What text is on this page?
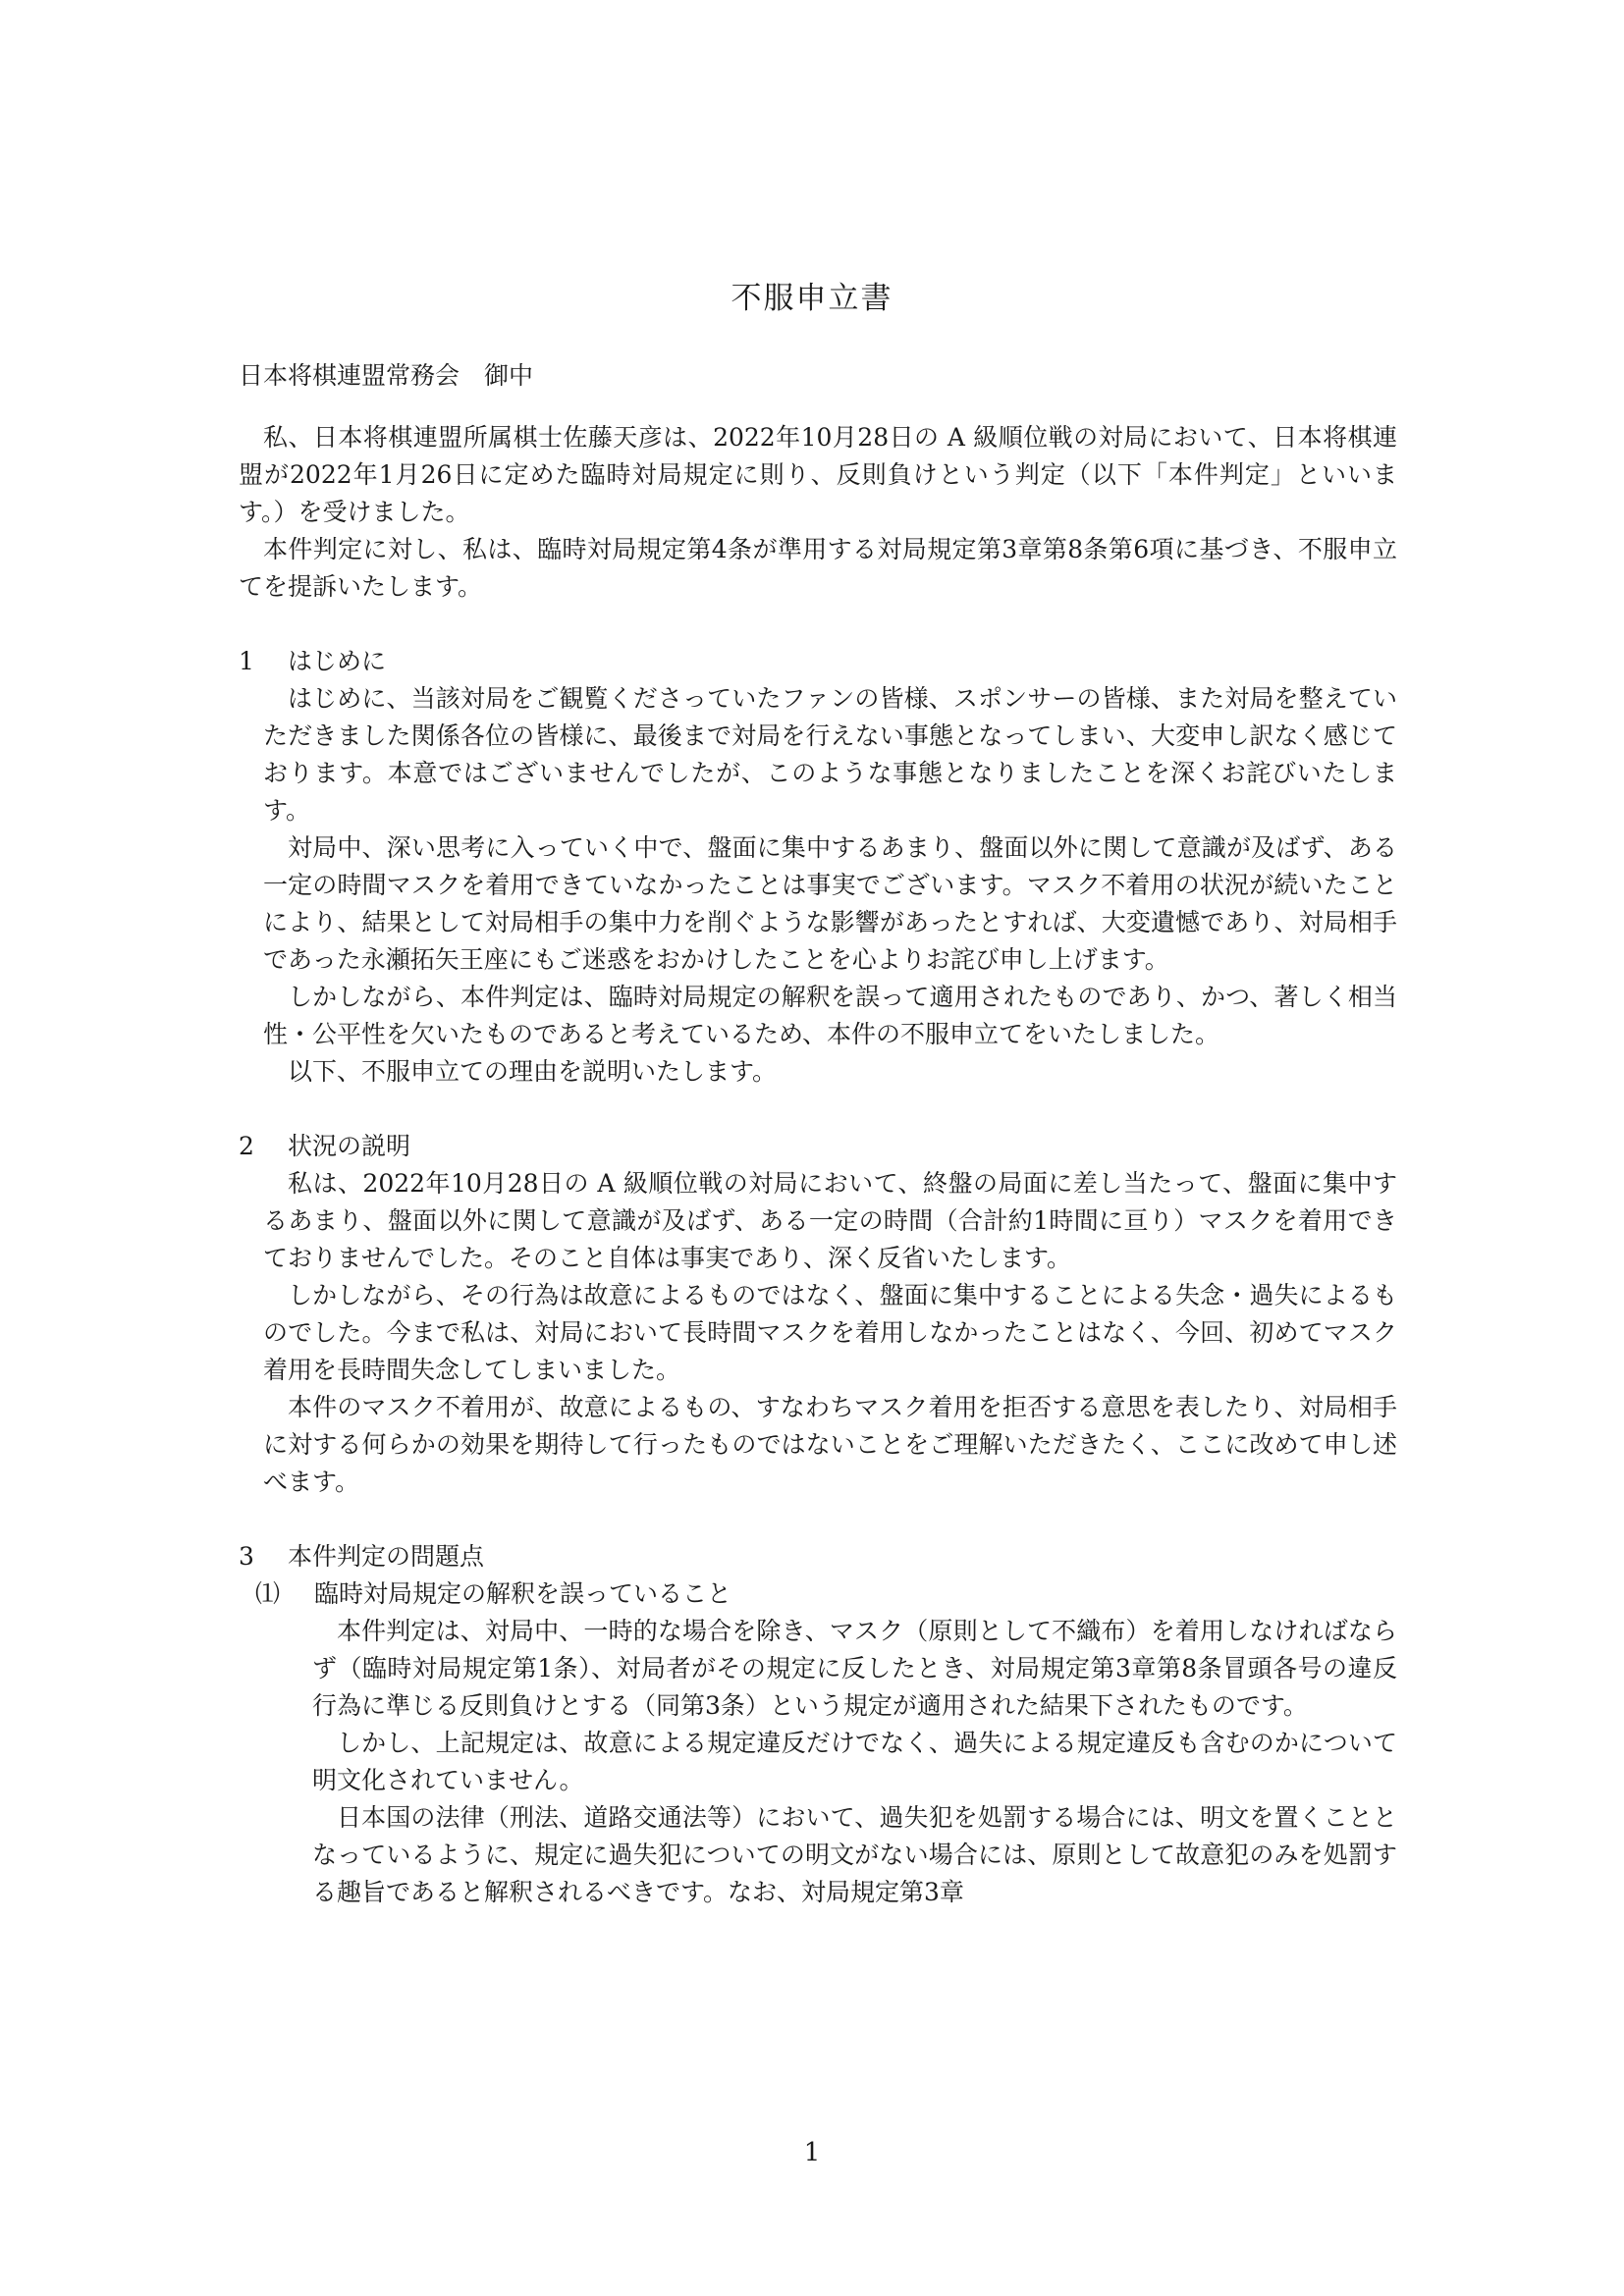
不服申立書
日本将棋連盟常務会　御中

私、日本将棋連盟所属棋士佐藤天彦は、2022年10月28日の A 級順位戦の対局において、日本将棋連盟が2022年1月26日に定めた臨時対局規定に則り、反則負けという判定（以下「本件判定」といいます。）を受けました。

本件判定に対し、私は、臨時対局規定第4条が準用する対局規定第3章第8条第6項に基づき、不服申立てを提訴いたします。

1 はじめに

はじめに、当該対局をご観覧くださっていたファンの皆様、スポンサーの皆様、また対局を整えていただきました関係各位の皆様に、最後まで対局を行えない事態となってしまい、大変申し訳なく感じております。本意ではございませんでしたが、このような事態となりましたことを深くお詫びいたします。

対局中、深い思考に入っていく中で、盤面に集中するあまり、盤面以外に関して意識が及ばず、ある一定の時間マスクを着用できていなかったことは事実でございます。マスク不着用の状況が続いたことにより、結果として対局相手の集中力を削ぐような影響があったとすれば、大変遺憾であり、対局相手であった永瀬拓矢王座にもご迷惑をおかけしたことを心よりお詫び申し上げます。

しかしながら、本件判定は、臨時対局規定の解釈を誤って適用されたものであり、かつ、著しく相当性・公平性を欠いたものであると考えているため、本件の不服申立てをいたしました。

以下、不服申立ての理由を説明いたします。

2 状況の説明

私は、2022年10月28日の A 級順位戦の対局において、終盤の局面に差し当たって、盤面に集中するあまり、盤面以外に関して意識が及ばず、ある一定の時間（合計約1時間に亘り）マスクを着用できておりませんでした。そのこと自体は事実であり、深く反省いたします。

しかしながら、その行為は故意によるものではなく、盤面に集中することによる失念・過失によるものでした。今まで私は、対局において長時間マスクを着用しなかったことはなく、今回、初めてマスク着用を長時間失念してしまいました。

本件のマスク不着用が、故意によるもの、すなわちマスク着用を拒否する意思を表したり、対局相手に対する何らかの効果を期待して行ったものではないことをご理解いただきたく、ここに改めて申し述べます。

3 本件判定の問題点

⑴ 臨時対局規定の解釈を誤っていること

本件判定は、対局中、一時的な場合を除き、マスク（原則として不織布）を着用しなければならず（臨時対局規定第1条）、対局者がその規定に反したとき、対局規定第3章第8条冒頭各号の違反行為に準じる反則負けとする（同第3条）という規定が適用された結果下されたものです。

しかし、上記規定は、故意による規定違反だけでなく、過失による規定違反も含むのかについて明文化されていません。

日本国の法律（刑法、道路交通法等）において、過失犯を処罰する場合には、明文を置くこととなっているように、規定に過失犯についての明文がない場合には、原則として故意犯のみを処罰する趣旨であると解釈されるべきです。なお、対局規定第3章

1
